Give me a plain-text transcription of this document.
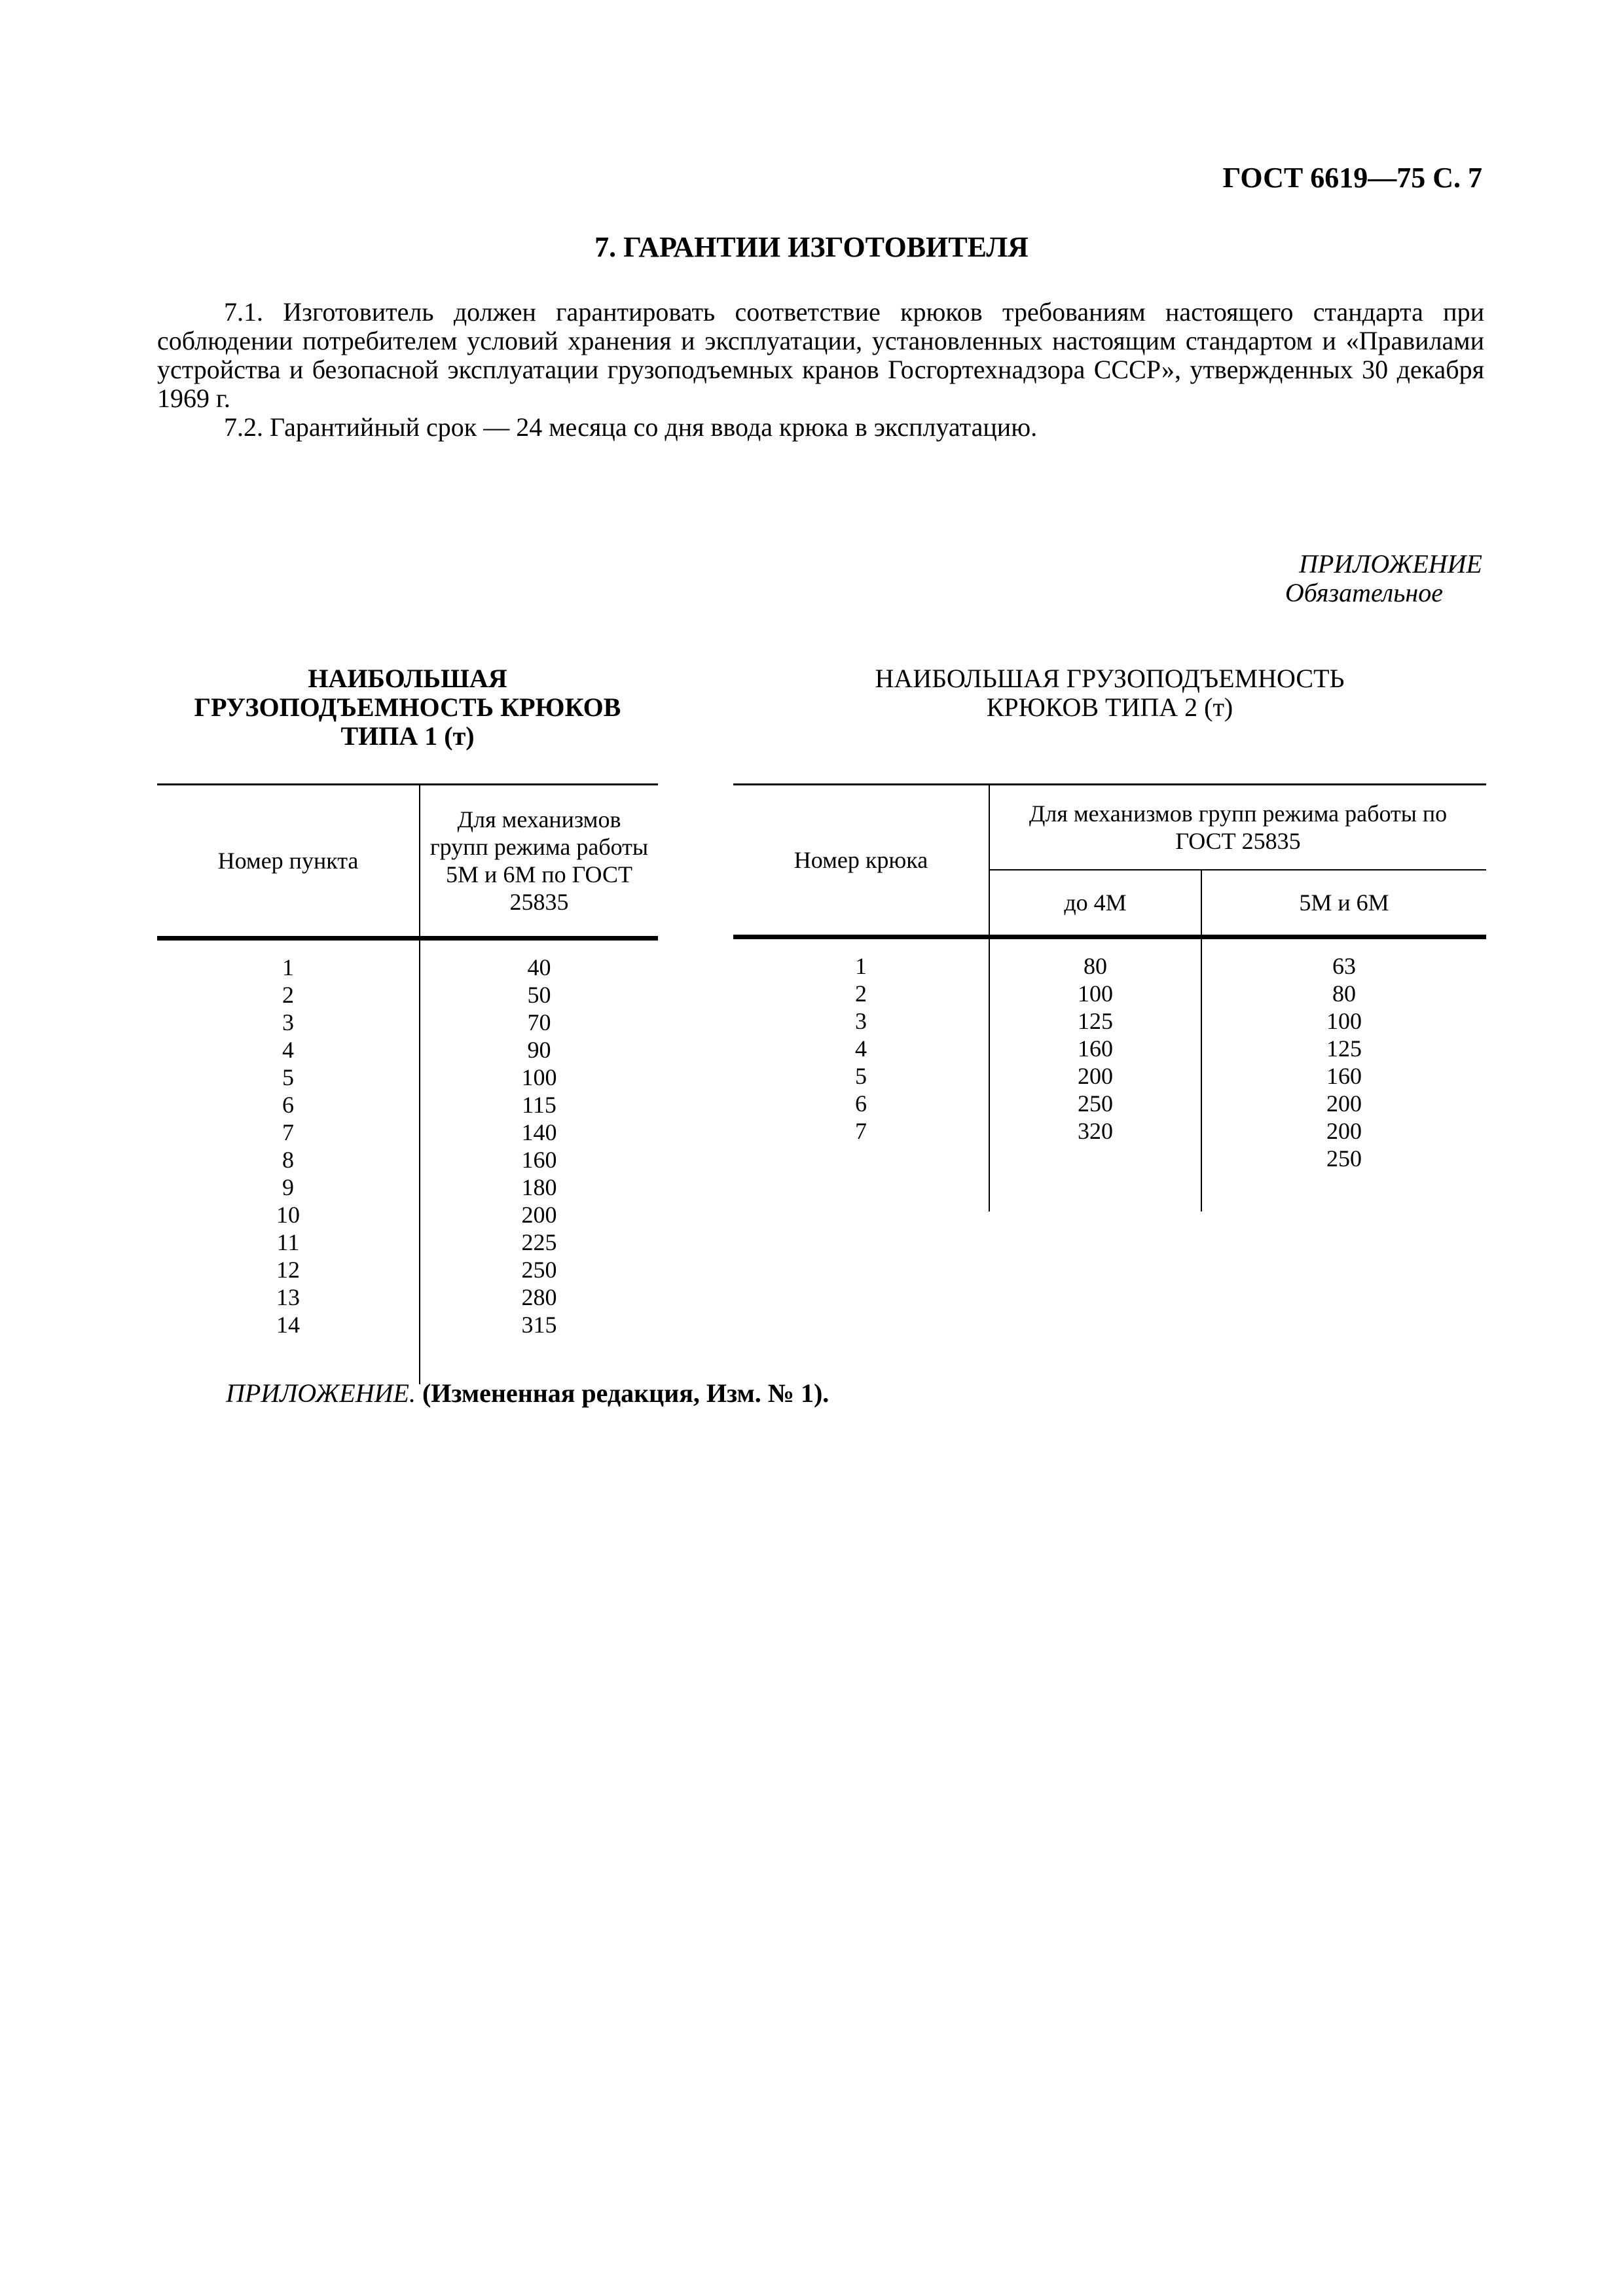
ГОСТ 6619—75 С. 7
7. ГАРАНТИИ ИЗГОТОВИТЕЛЯ

7.1. Изготовитель должен гарантировать соответствие крюков требованиям настоящего стандарта при соблюдении потребителем условий хранения и эксплуатации, установленных настоящим стандартом и «Правилами устройства и безопасной эксплуатации грузоподъемных кранов Госгортехнадзора СССР», утвержденных 30 декабря 1969 г.

7.2. Гарантийный срок — 24 месяца со дня ввода крюка в эксплуатацию.

ПРИЛОЖЕНИЕ
Обязательное
НАИБОЛЬШАЯ
ГРУЗОПОДЪЕМНОСТЬ КРЮКОВ
ТИПА 1 (т)
НАИБОЛЬШАЯ ГРУЗОПОДЪЕМНОСТЬ
КРЮКОВ ТИПА 2 (т)
Номер пункта	Для механизмов групп режима работы 5М и 6М по ГОСТ 25835
1	40
2	50
3	70
4	90
5	100
6	115
7	140
8	160
9	180
10	200
11	225
12	250
13	280
14	315

Номер крюка	Для механизмов групп режима работы по ГОСТ 25835	
	до 4М	5М и 6М
1	80	63
2	100	80
3	125	100
4	160	125
5	200	160
6	250	200
7	320	200
		250

ПРИЛОЖЕНИЕ. (Измененная редакция, Изм. № 1).
